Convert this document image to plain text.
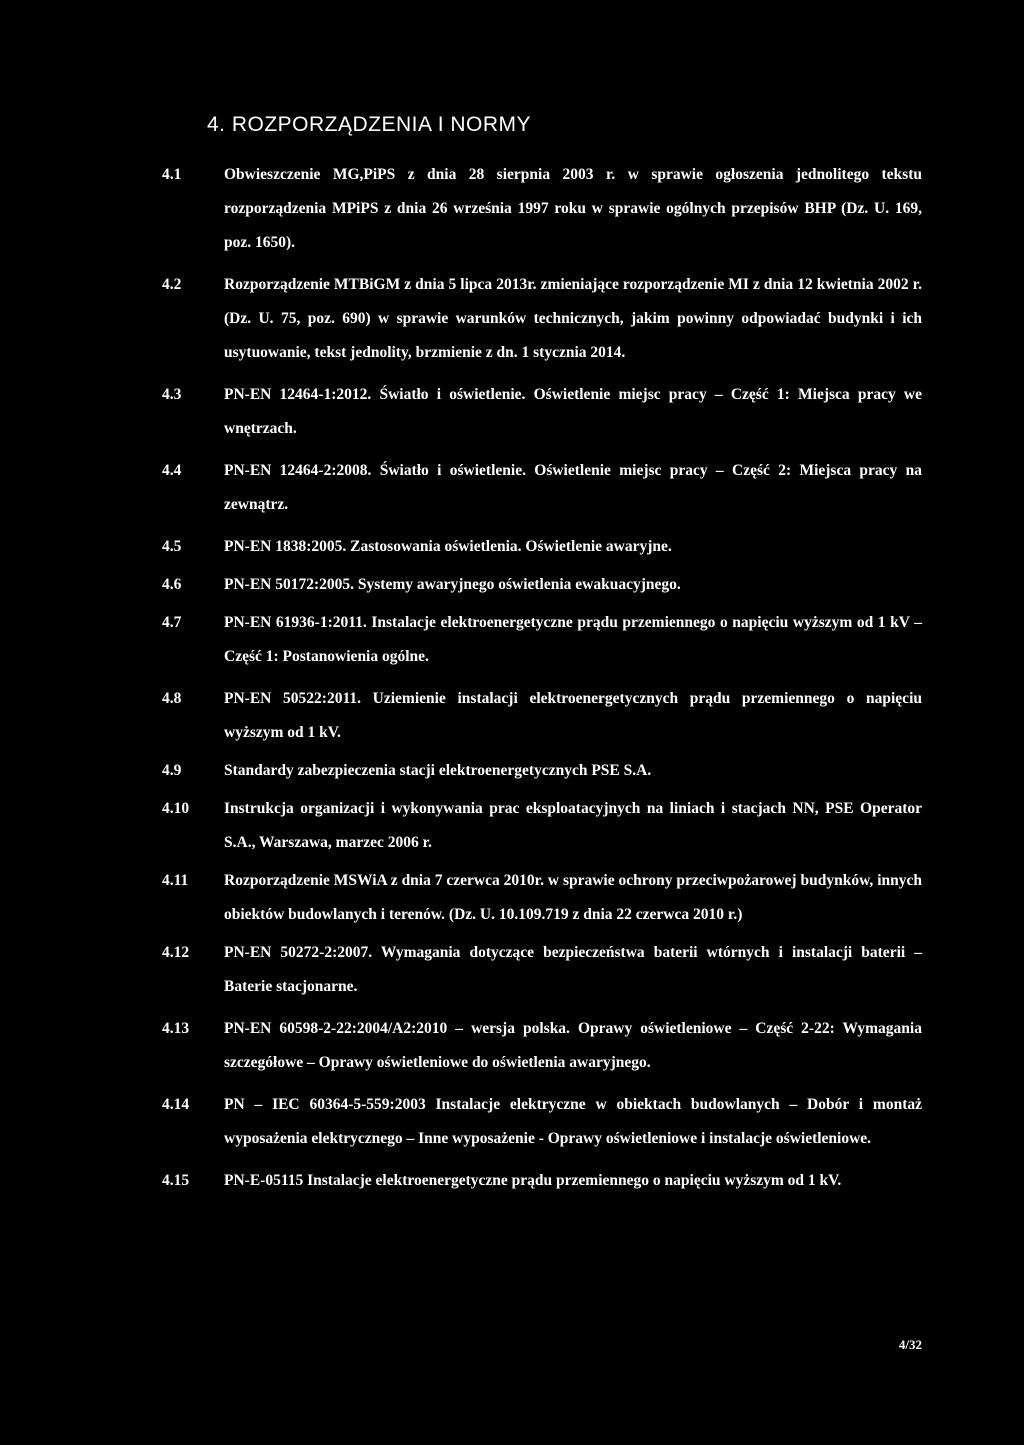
4. ROZPORZĄDZENIA I NORMY
4.1	Obwieszczenie MG,PiPS z dnia 28 sierpnia 2003 r. w sprawie ogłoszenia jednolitego tekstu rozporządzenia MPiPS z dnia 26 września 1997 roku w sprawie ogólnych przepisów BHP (Dz. U. 169, poz. 1650).
4.2	Rozporządzenie MTBiGM z dnia 5 lipca 2013r. zmieniające rozporządzenie MI z dnia 12 kwietnia 2002 r. (Dz. U. 75, poz. 690) w sprawie warunków technicznych, jakim powinny odpowiadać budynki i ich usytuowanie, tekst jednolity, brzmienie z dn. 1 stycznia 2014.
4.3	PN-EN 12464-1:2012. Światło i oświetlenie. Oświetlenie miejsc pracy – Część 1: Miejsca pracy we wnętrzach.
4.4	PN-EN 12464-2:2008. Światło i oświetlenie. Oświetlenie miejsc pracy – Część 2: Miejsca pracy na zewnątrz.
4.5	PN-EN 1838:2005. Zastosowania oświetlenia. Oświetlenie awaryjne.
4.6	PN-EN 50172:2005. Systemy awaryjnego oświetlenia ewakuacyjnego.
4.7	PN-EN 61936-1:2011. Instalacje elektroenergetyczne prądu przemiennego o napięciu wyższym od 1 kV – Część 1: Postanowienia ogólne.
4.8	PN-EN 50522:2011. Uziemienie instalacji elektroenergetycznych prądu przemiennego o napięciu wyższym od 1 kV.
4.9	Standardy zabezpieczenia stacji elektroenergetycznych PSE S.A.
4.10	Instrukcja organizacji i wykonywania prac eksploatacyjnych na liniach i stacjach NN, PSE Operator S.A., Warszawa, marzec 2006 r.
4.11	Rozporządzenie MSWiA z dnia 7 czerwca 2010r. w sprawie ochrony przeciwpożarowej budynków, innych obiektów budowlanych i terenów. (Dz. U. 10.109.719 z dnia 22 czerwca 2010 r.)
4.12	PN-EN 50272-2:2007. Wymagania dotyczące bezpieczeństwa baterii wtórnych i instalacji baterii – Baterie stacjonarne.
4.13	PN-EN 60598-2-22:2004/A2:2010 – wersja polska. Oprawy oświetleniowe – Część 2-22: Wymagania szczegółowe – Oprawy oświetleniowe do oświetlenia awaryjnego.
4.14	PN – IEC 60364-5-559:2003 Instalacje elektryczne w obiektach budowlanych – Dobór i montaż wyposażenia elektrycznego – Inne wyposażenie - Oprawy oświetleniowe i instalacje oświetleniowe.
4.15	PN-E-05115 Instalacje elektroenergetyczne prądu przemiennego o napięciu wyższym od 1 kV.
4/32
